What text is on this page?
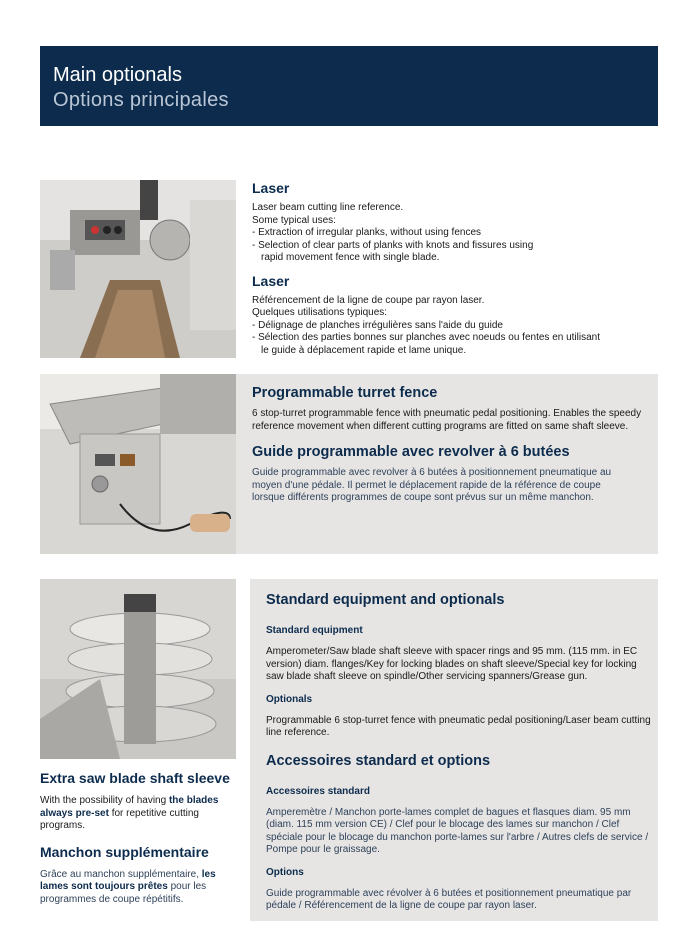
Main optionals
Options principales

Laser

Laser beam cutting line reference.

Some typical uses:

- Extraction of irregular planks, without using fences

- Selection of clear parts of planks with knots and fissures using rapid movement fence with single blade.

Laser

Référencement de la ligne de coupe par rayon laser.

Quelques utilisations typiques:

- Délignage de planches irrégulières sans l'aide du guide

- Sélection des parties bonnes sur planches avec noeuds ou fentes en utilisant le guide à déplacement rapide et lame unique.

Programmable turret fence

6 stop-turret programmable fence with pneumatic pedal positioning. Enables the speedy reference movement when different cutting programs are fitted on same shaft sleeve.

Guide programmable avec revolver à 6 butées

Guide programmable avec revolver à 6 butées à positionnement pneumatique au moyen d'une pédale. Il permet le déplacement rapide de la référence de coupe lorsque différents programmes de coupe sont prévus sur un même manchon.

Standard equipment and optionals

Standard equipment

Amperometer/Saw blade shaft sleeve with spacer rings and 95 mm. (115 mm. in EC version) diam. flanges/Key for locking blades on shaft sleeve/Special key for locking saw blade shaft sleeve on spindle/Other servicing spanners/Grease gun.

Optionals

Programmable 6 stop-turret fence with pneumatic pedal positioning/Laser beam cutting line reference.

Accessoires standard et options

Accessoires standard

Amperemètre / Manchon porte-lames complet de bagues et flasques diam. 95 mm (diam. 115 mm version CE) / Clef pour le blocage des lames sur manchon / Clef spéciale pour le blocage du manchon porte-lames sur l'arbre / Autres clefs de service / Pompe pour le graissage.

Options

Guide programmable avec révolver à 6 butées et positionnement pneumatique par pédale / Référencement de la ligne de coupe par rayon laser.

Extra saw blade shaft sleeve

With the possibility of having the blades always pre-set for repetitive cutting programs.

Manchon supplémentaire

Grâce au manchon supplémentaire, les lames sont toujours prêtes pour les programmes de coupe répétitifs.
